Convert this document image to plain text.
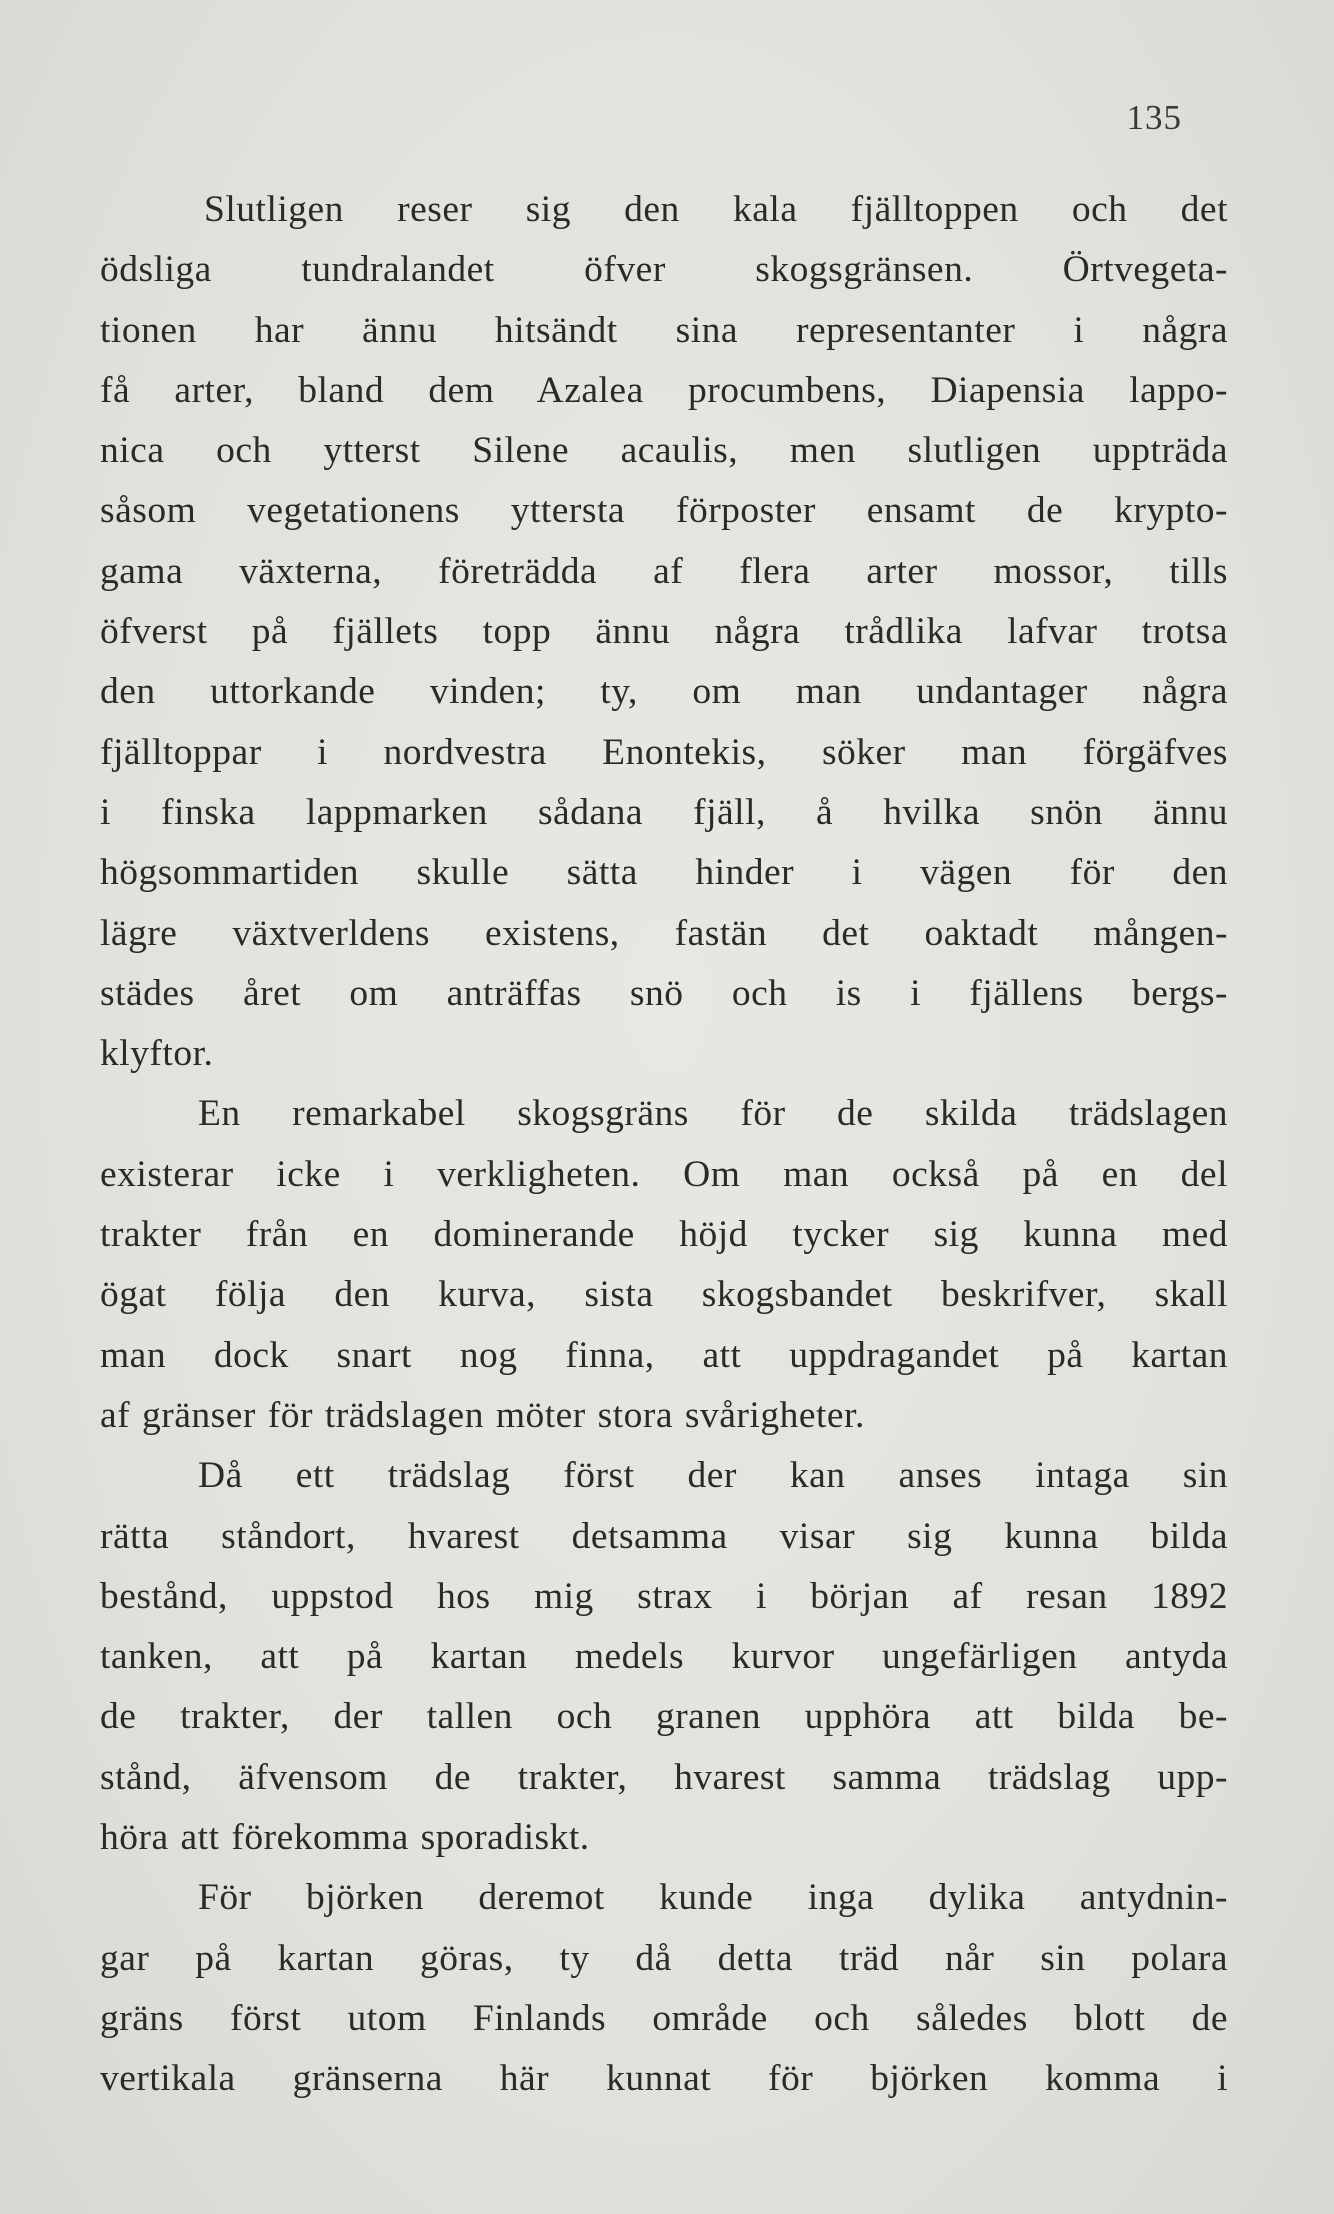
135
Slutligen reser sig den kala fjälltoppen och det
ödsliga tundralandet öfver skogsgränsen. Örtvegeta-
tionen har ännu hitsändt sina representanter i några
få arter, bland dem Azalea procumbens, Diapensia lappo-
nica och ytterst Silene acaulis, men slutligen uppträda
såsom vegetationens yttersta förposter ensamt de krypto-
gama växterna, företrädda af flera arter mossor, tills
öfverst på fjällets topp ännu några trådlika lafvar trotsa
den uttorkande vinden; ty, om man undantager några
fjälltoppar i nordvestra Enontekis, söker man förgäfves
i finska lappmarken sådana fjäll, å hvilka snön ännu
högsommartiden skulle sätta hinder i vägen för den
lägre växtverldens existens, fastän det oaktadt mången-
städes året om anträffas snö och is i fjällens bergs-
klyftor.
En remarkabel skogsgräns för de skilda trädslagen
existerar icke i verkligheten. Om man också på en del
trakter från en dominerande höjd tycker sig kunna med
ögat följa den kurva, sista skogsbandet beskrifver, skall
man dock snart nog finna, att uppdragandet på kartan
af gränser för trädslagen möter stora svårigheter.
Då ett trädslag först der kan anses intaga sin
rätta ståndort, hvarest detsamma visar sig kunna bilda
bestånd, uppstod hos mig strax i början af resan 1892
tanken, att på kartan medels kurvor ungefärligen antyda
de trakter, der tallen och granen upphöra att bilda be-
stånd, äfvensom de trakter, hvarest samma trädslag upp-
höra att förekomma sporadiskt.
För björken deremot kunde inga dylika antydnin-
gar på kartan göras, ty då detta träd når sin polara
gräns först utom Finlands område och således blott de
vertikala gränserna här kunnat för björken komma i
